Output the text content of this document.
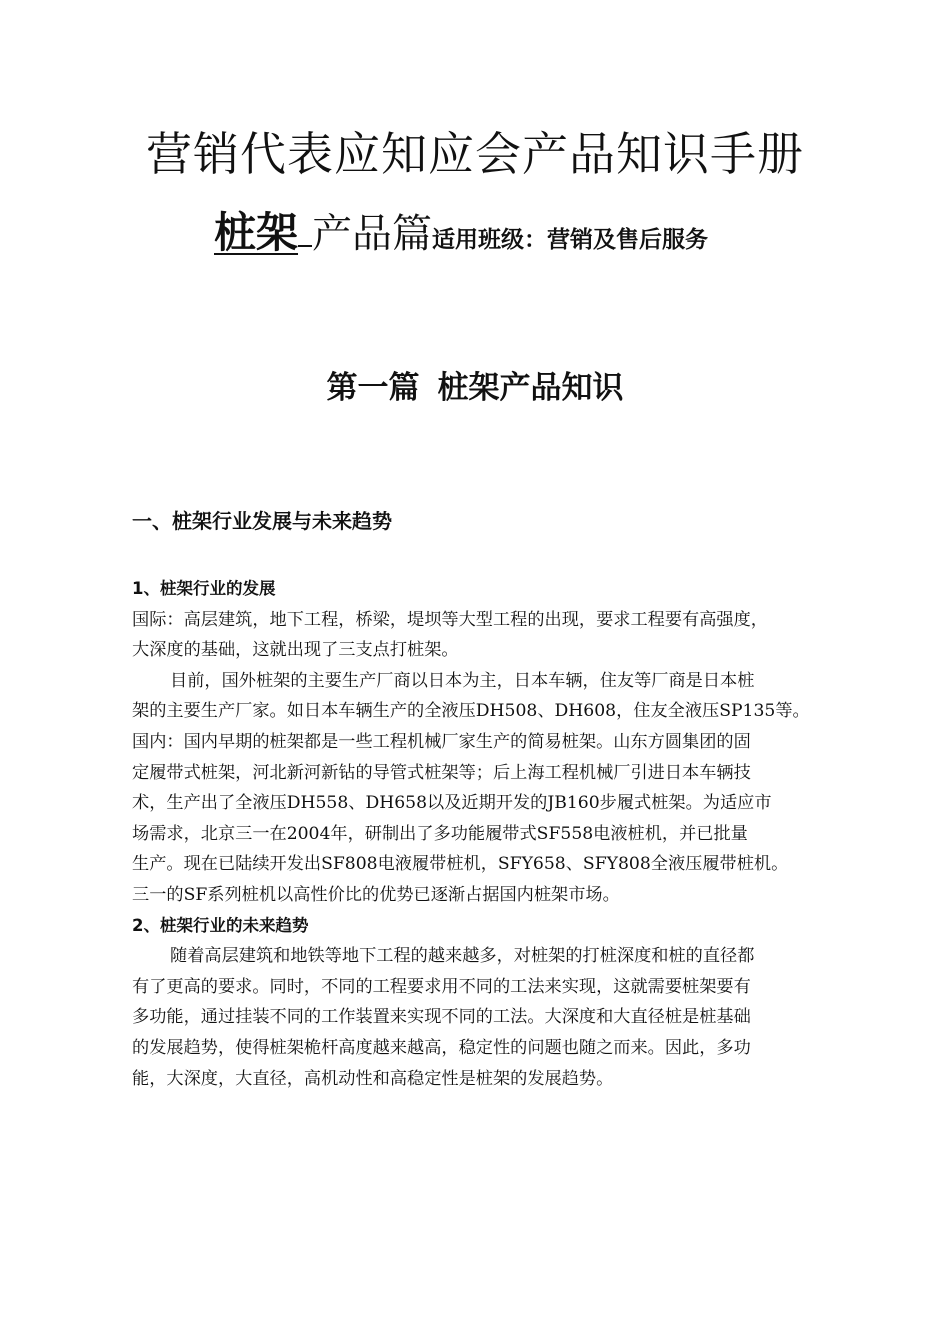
营销代表应知应会产品知识手册
桩架 产品篇适用班级：营销及售后服务
第一篇 桩架产品知识
一、桩架行业发展与未来趋势
1、桩架行业的发展
国际：高层建筑，地下工程，桥梁，堤坝等大型工程的出现，要求工程要有高强度，
大深度的基础，这就出现了三支点打桩架。
目前，国外桩架的主要生产厂商以日本为主，日本车辆，住友等厂商是日本桩
架的主要生产厂家。如日本车辆生产的全液压DH508、DH608，住友全液压SP135等。
国内：国内早期的桩架都是一些工程机械厂家生产的简易桩架。山东方圆集团的固
定履带式桩架，河北新河新钻的导管式桩架等；后上海工程机械厂引进日本车辆技
术，生产出了全液压DH558、DH658以及近期开发的JB160步履式桩架。为适应市
场需求，北京三一在2004年，研制出了多功能履带式SF558电液桩机，并已批量
生产。现在已陆续开发出SF808电液履带桩机，SFY658、SFY808全液压履带桩机。
三一的SF系列桩机以高性价比的优势已逐渐占据国内桩架市场。
2、桩架行业的未来趋势
随着高层建筑和地铁等地下工程的越来越多，对桩架的打桩深度和桩的直径都
有了更高的要求。同时，不同的工程要求用不同的工法来实现，这就需要桩架要有
多功能，通过挂装不同的工作装置来实现不同的工法。大深度和大直径桩是桩基础
的发展趋势，使得桩架桅杆高度越来越高，稳定性的问题也随之而来。因此，多功
能，大深度，大直径，高机动性和高稳定性是桩架的发展趋势。
